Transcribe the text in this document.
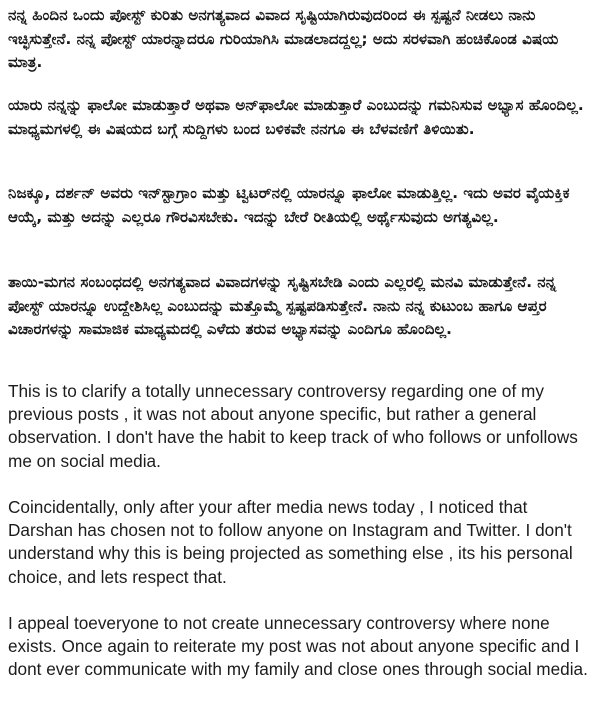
ನನ್ನ ಹಿಂದಿನ ಒಂದು ಪೋಸ್ಟ್ ಕುರಿತು ಅನಗತ್ಯವಾದ ವಿವಾದ ಸೃಷ್ಟಿಯಾಗಿರುವುದರಿಂದ ಈ ಸ್ಪಷ್ಟನೆ ನೀಡಲು ನಾನು ಇಚ್ಛಿಸುತ್ತೇನೆ. ನನ್ನ ಪೋಸ್ಟ್ ಯಾರನ್ನಾದರೂ ಗುರಿಯಾಗಿಸಿ ಮಾಡಲಾದದ್ದಲ್ಲ; ಅದು ಸರಳವಾಗಿ ಹಂಚಿಕೊಂಡ ವಿಷಯ ಮಾತ್ರ.

ಯಾರು ನನ್ನನ್ನು ಫಾಲೋ ಮಾಡುತ್ತಾರೆ ಅಥವಾ ಅನ್‌ಫಾಲೋ ಮಾಡುತ್ತಾರೆ ಎಂಬುದನ್ನು ಗಮನಿಸುವ ಅಭ್ಯಾಸ ಹೊಂದಿಲ್ಲ. ಮಾಧ್ಯಮಗಳಲ್ಲಿ ಈ ವಿಷಯದ ಬಗ್ಗೆ ಸುದ್ದಿಗಳು ಬಂದ ಬಳಿಕವೇ ನನಗೂ ಈ ಬೆಳವಣಿಗೆ ತಿಳಿಯಿತು.

ನಿಜಕ್ಕೂ, ದರ್ಶನ್ ಅವರು ಇನ್‌ಸ್ಟಾಗ್ರಾಂ ಮತ್ತು ಟ್ವಿಟರ್‌ನಲ್ಲಿ ಯಾರನ್ನೂ ಫಾಲೋ ಮಾಡುತ್ತಿಲ್ಲ. ಇದು ಅವರ ವೈಯಕ್ತಿಕ ಆಯ್ಕೆ, ಮತ್ತು ಅದನ್ನು ಎಲ್ಲರೂ ಗೌರವಿಸಬೇಕು. ಇದನ್ನು ಬೇರೆ ರೀತಿಯಲ್ಲಿ ಅರ್ಥೈಸುವುದು ಅಗತ್ಯವಿಲ್ಲ.

ತಾಯಿ-ಮಗನ ಸಂಬಂಧದಲ್ಲಿ ಅನಗತ್ಯವಾದ ವಿವಾದಗಳನ್ನು ಸೃಷ್ಟಿಸಬೇಡಿ ಎಂದು ಎಲ್ಲರಲ್ಲಿ ಮನವಿ ಮಾಡುತ್ತೇನೆ. ನನ್ನ ಪೋಸ್ಟ್ ಯಾರನ್ನೂ ಉದ್ದೇಶಿಸಿಲ್ಲ ಎಂಬುದನ್ನು ಮತ್ತೊಮ್ಮೆ ಸ್ಪಷ್ಟಪಡಿಸುತ್ತೇನೆ. ನಾನು ನನ್ನ ಕುಟುಂಬ ಹಾಗೂ ಆಪ್ತರ ವಿಚಾರಗಳನ್ನು ಸಾಮಾಜಿಕ ಮಾಧ್ಯಮದಲ್ಲಿ ಎಳೆದು ತರುವ ಅಭ್ಯಾಸವನ್ನು ಎಂದಿಗೂ ಹೊಂದಿಲ್ಲ.

This is to clarify a totally unnecessary controversy regarding one of my previous posts , it was not about anyone specific, but rather a general observation. I don't have the habit to keep track of who follows or unfollows me on social media.

Coincidentally, only after your after media news today , I noticed that Darshan has chosen not to follow anyone on Instagram and Twitter. I don't understand why this is being projected as something else , its his personal choice, and lets respect that.

I appeal toeveryone to not create unnecessary controversy where none exists. Once again to reiterate my post was not about anyone specific and I dont ever communicate with my family and close ones through social media.
